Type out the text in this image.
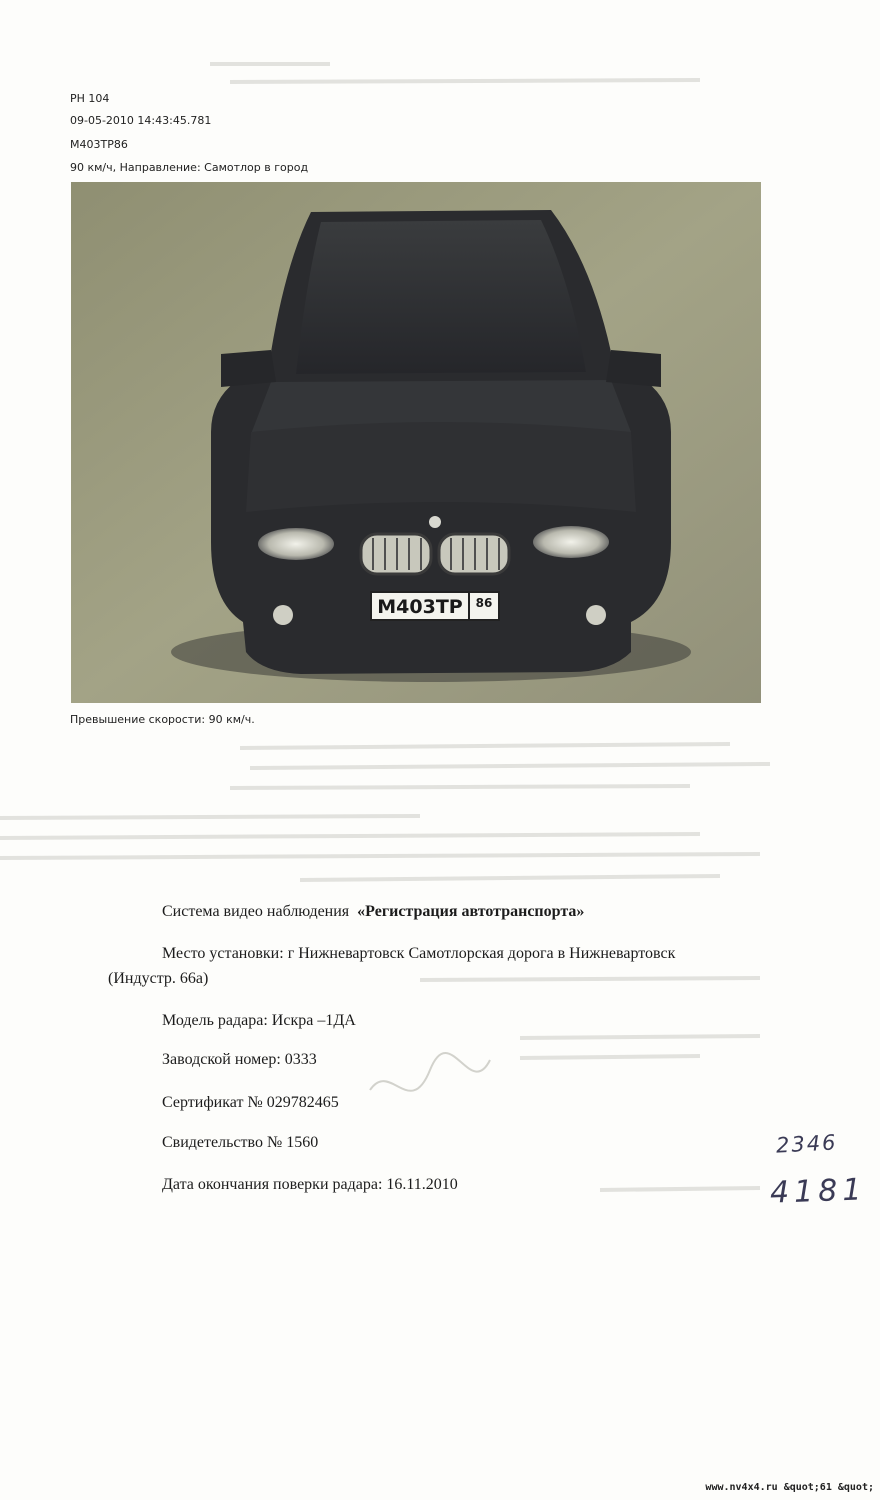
РН 104
09-05-2010 14:43:45.781
М403ТР86
90 км/ч, Направление: Самотлор в город
М403ТР 86
Превышение скорости: 90 км/ч.
Система видео наблюдения «Регистрация автотранспорта»
Место установки: г Нижневартовск Самотлорская дорога в Нижневартовск
(Индустр. 66а)
Модель радара: Искра –1ДА
Заводской номер: 0333
Сертификат № 029782465
Свидетельство № 1560
Дата окончания поверки радара: 16.11.2010
2346
4181
www.nv4x4.ru &quot;61 &quot;
